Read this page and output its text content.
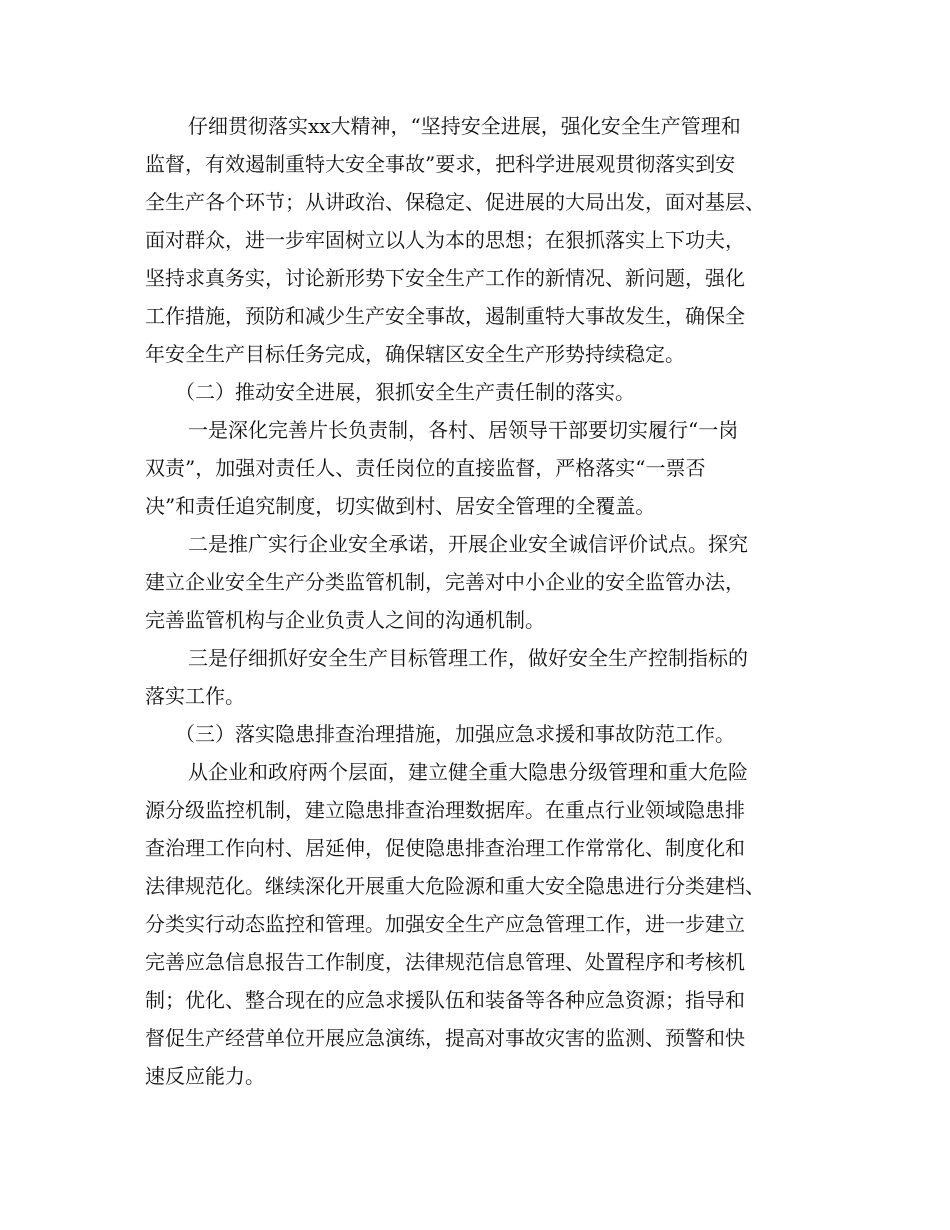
仔细贯彻落实xx大精神，“坚持安全进展，强化安全生产管理和

监督，有效遏制重特大安全事故”要求，把科学进展观贯彻落实到安

全生产各个环节；从讲政治、保稳定、促进展的大局出发，面对基层、

面对群众，进一步牢固树立以人为本的思想；在狠抓落实上下功夫，

坚持求真务实，讨论新形势下安全生产工作的新情况、新问题，强化

工作措施，预防和减少生产安全事故，遏制重特大事故发生，确保全

年安全生产目标任务完成，确保辖区安全生产形势持续稳定。

（二）推动安全进展，狠抓安全生产责任制的落实。

一是深化完善片长负责制，各村、居领导干部要切实履行“一岗

双责”，加强对责任人、责任岗位的直接监督，严格落实“一票否

决”和责任追究制度，切实做到村、居安全管理的全覆盖。

二是推广实行企业安全承诺，开展企业安全诚信评价试点。探究

建立企业安全生产分类监管机制，完善对中小企业的安全监管办法，

完善监管机构与企业负责人之间的沟通机制。

三是仔细抓好安全生产目标管理工作，做好安全生产控制指标的

落实工作。

（三）落实隐患排查治理措施，加强应急求援和事故防范工作。

从企业和政府两个层面，建立健全重大隐患分级管理和重大危险

源分级监控机制，建立隐患排查治理数据库。在重点行业领域隐患排

查治理工作向村、居延伸，促使隐患排查治理工作常常化、制度化和

法律规范化。继续深化开展重大危险源和重大安全隐患进行分类建档、

分类实行动态监控和管理。加强安全生产应急管理工作，进一步建立

完善应急信息报告工作制度，法律规范信息管理、处置程序和考核机

制；优化、整合现在的应急求援队伍和装备等各种应急资源；指导和

督促生产经营单位开展应急演练，提高对事故灾害的监测、预警和快

速反应能力。
